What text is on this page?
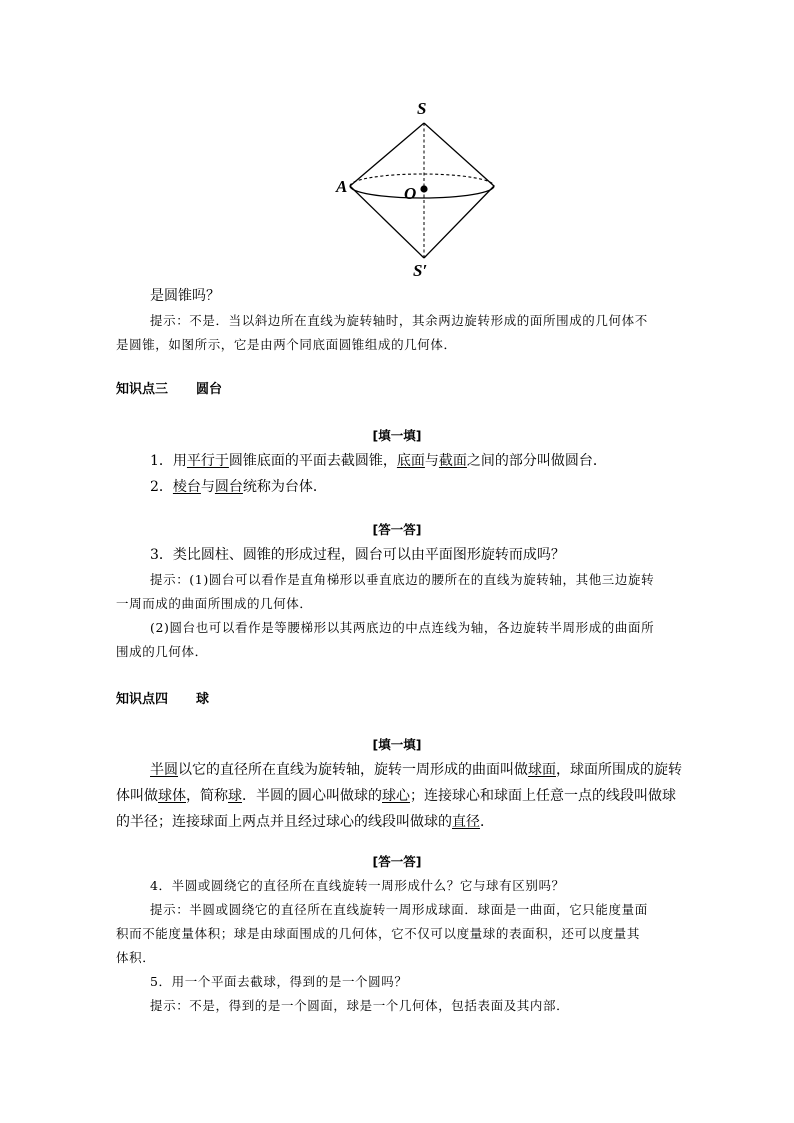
S
A	O
S′

是圆锥吗？

提示：不是．当以斜边所在直线为旋转轴时，其余两边旋转形成的面所围成的几何体不

是圆锥，如图所示，它是由两个同底面圆锥组成的几何体．

知识点三 圆台
[填一填]

1．用平行于圆锥底面的平面去截圆锥，底面与截面之间的部分叫做圆台．

2．棱台与圆台统称为台体．

[答一答]

3．类比圆柱、圆锥的形成过程，圆台可以由平面图形旋转而成吗？

提示：(1)圆台可以看作是直角梯形以垂直底边的腰所在的直线为旋转轴，其他三边旋转

一周而成的曲面所围成的几何体．

(2)圆台也可以看作是等腰梯形以其两底边的中点连线为轴，各边旋转半周形成的曲面所

围成的几何体．

知识点四 球
[填一填]

半圆以它的直径所在直线为旋转轴，旋转一周形成的曲面叫做球面，球面所围成的旋转

体叫做球体，简称球．半圆的圆心叫做球的球心；连接球心和球面上任意一点的线段叫做球

的半径；连接球面上两点并且经过球心的线段叫做球的直径．

[答一答]

4．半圆或圆绕它的直径所在直线旋转一周形成什么？它与球有区别吗？

提示：半圆或圆绕它的直径所在直线旋转一周形成球面．球面是一曲面，它只能度量面

积而不能度量体积；球是由球面围成的几何体，它不仅可以度量球的表面积，还可以度量其

体积．

5．用一个平面去截球，得到的是一个圆吗？

提示：不是，得到的是一个圆面，球是一个几何体，包括表面及其内部．
